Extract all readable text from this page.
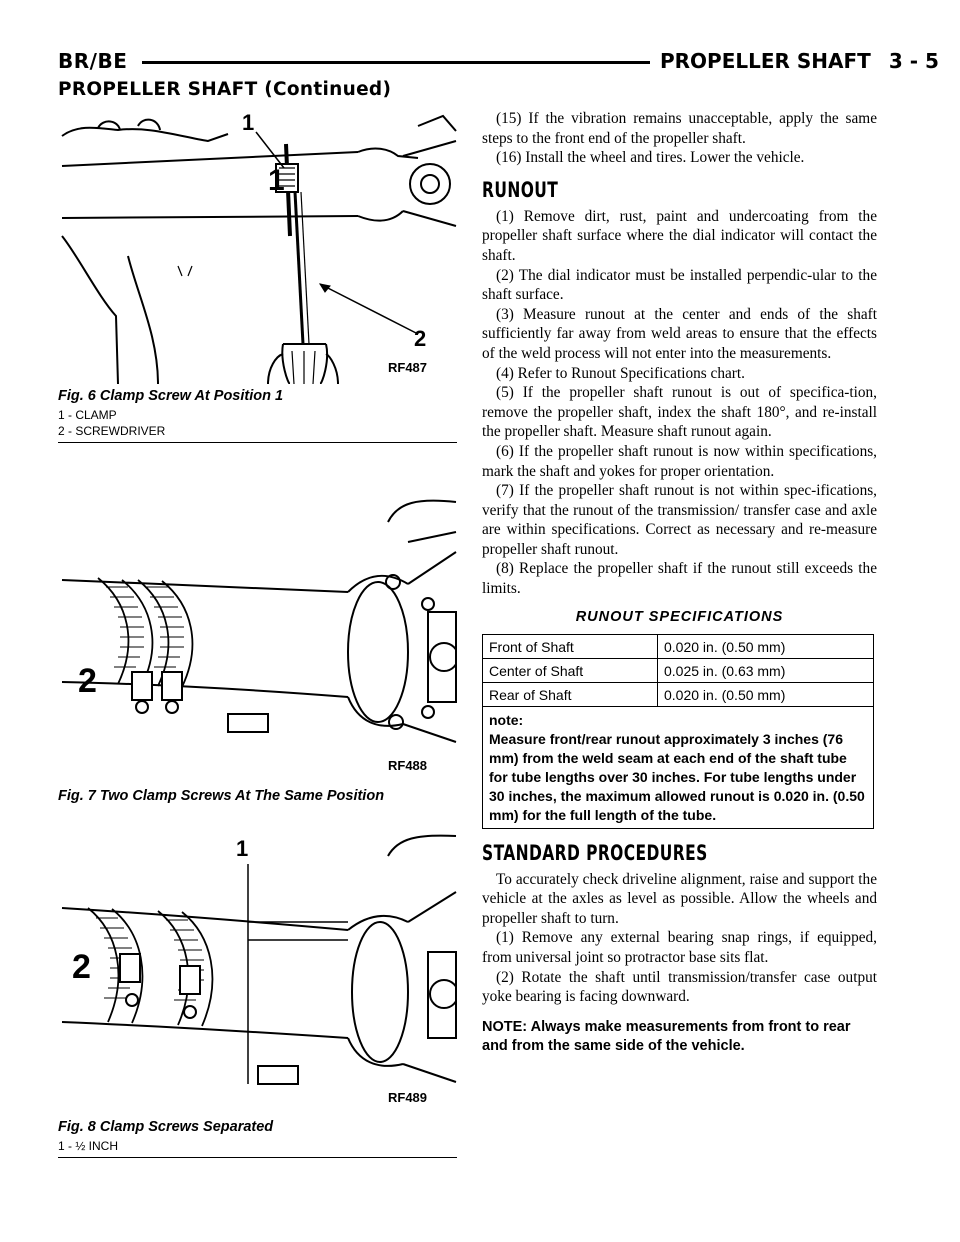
BR/BE	PROPELLER SHAFT 3 - 5
PROPELLER SHAFT (Continued)
1
2
1
RF487
Fig. 6 Clamp Screw At Position 1
1 - CLAMP
2 - SCREWDRIVER
2
RF488
Fig. 7 Two Clamp Screws At The Same Position
1
2
RF489
Fig. 8 Clamp Screws Separated
1 - ½ INCH

(15) If the vibration remains unacceptable, apply the same steps to the front end of the propeller shaft.

(16) Install the wheel and tires. Lower the vehicle.

RUNOUT

(1) Remove dirt, rust, paint and undercoating from the propeller shaft surface where the dial indicator will contact the shaft.

(2) The dial indicator must be installed perpendic-ular to the shaft surface.

(3) Measure runout at the center and ends of the shaft sufficiently far away from weld areas to ensure that the effects of the weld process will not enter into the measurements.

(4) Refer to Runout Specifications chart.

(5) If the propeller shaft runout is out of specifica-tion, remove the propeller shaft, index the shaft 180°, and re-install the propeller shaft. Measure shaft runout again.

(6) If the propeller shaft runout is now within specifications, mark the shaft and yokes for proper orientation.

(7) If the propeller shaft runout is not within spec-ifications, verify that the runout of the transmission/ transfer case and axle are within specifications. Correct as necessary and re-measure propeller shaft runout.

(8) Replace the propeller shaft if the runout still exceeds the limits.

RUNOUT SPECIFICATIONS
Front of Shaft	0.020 in. (0.50 mm)
Center of Shaft	0.025 in. (0.63 mm)
Rear of Shaft	0.020 in. (0.50 mm)

note:
Measure front/rear runout approximately 3 inches (76 mm) from the weld seam at each end of the shaft tube for tube lengths over 30 inches. For tube lengths under 30 inches, the maximum allowed runout is 0.020 in. (0.50 mm) for the full length of the tube.	
STANDARD PROCEDURES

To accurately check driveline alignment, raise and support the vehicle at the axles as level as possible. Allow the wheels and propeller shaft to turn.

(1) Remove any external bearing snap rings, if equipped, from universal joint so protractor base sits flat.

(2) Rotate the shaft until transmission/transfer case output yoke bearing is facing downward.

NOTE: Always make measurements from front to rear and from the same side of the vehicle.
